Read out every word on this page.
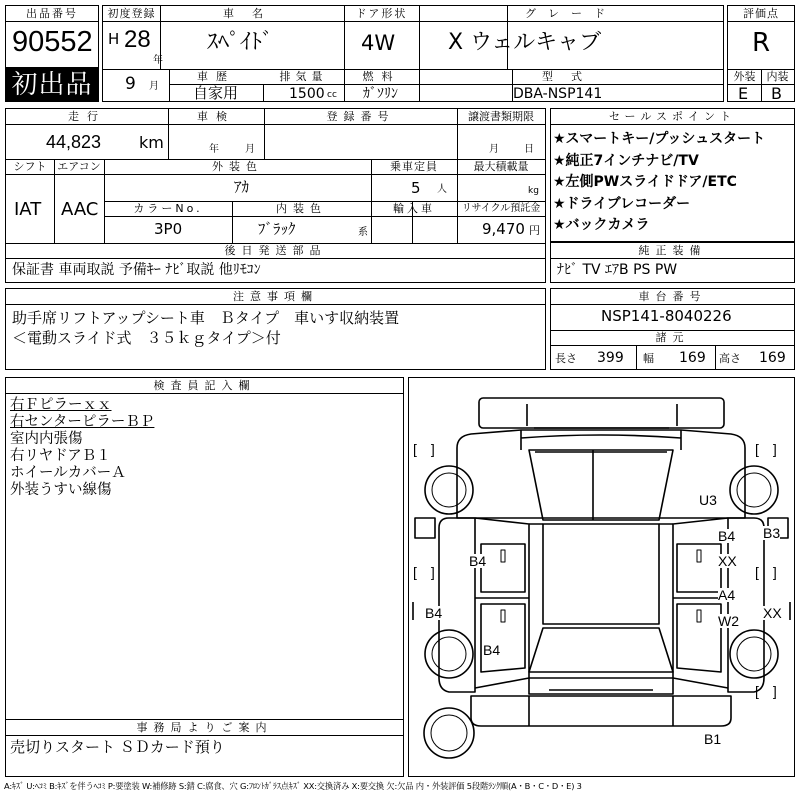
出品番号
90552
初出品
初度登録
H 28
年
9 月
車名
ｽﾍﾟｲﾄﾞ
ドア形状
4W
グレード
X ウェルキャブ
車歴
自家用
排気量
1500 cc
燃料
ｶﾞｿﾘﾝ
型式
DBA-NSP141
評価点
R
外装	内装
E B
走行
44,823 km
車検
年	月
登録番号	譲渡書類期限
月	日
シフト
IAT
エアコン
AAC
外装色
ｱｶ
乗車定員
5 人
最大積載量
kg
カラーNo.
3P0
内装色
ﾌﾞﾗｯｸ	系
輸入車	リサイクル預託金
9,470 円
後日発送部品
保証書 車両取説 予備ｷｰ ﾅﾋﾞ取説 他ﾘﾓｺﾝ
セールスポイント
★スマートキー/プッシュスタート
★純正7インチナビ/TV
★左側PWスライドドア/ETC
★ドライブレコーダー
★バックカメラ
純正装備
ﾅﾋﾞ TV ｴｱB PS PW
注意事項欄
助手席リフトアップシート車　Ｂタイプ　車いす収納装置
＜電動スライド式　３５ｋｇタイプ＞付
車台番号
NSP141-8040226
諸元
長さ 399 幅 169 高さ 169
検査員記入欄
右Ｆピラーｘｘ
右センターピラーＢＰ
室内内張傷
右リヤドアＢ１
ホイールカバーＡ
外装うすい線傷
[　]	[　]
[　]	[　]
[　]
U3
B4
XX
B3
A4
W2 XX
B4
B4
B4
B1
事務局よりご案内
売切りスタート ＳＤカード預り
A:ｷｽﾞ U:ﾍｺﾐ B:ｷｽﾞを伴うﾍｺﾐ P:要塗装 W:補修跡 S:錆 C:腐食、穴 G:ﾌﾛﾝﾄｶﾞﾗｽ点ｷｽﾞ XX:交換済み X:要交換 欠:欠品 内・外装評価 5段階ﾗﾝｸ順(A・B・C・D・E) 3
